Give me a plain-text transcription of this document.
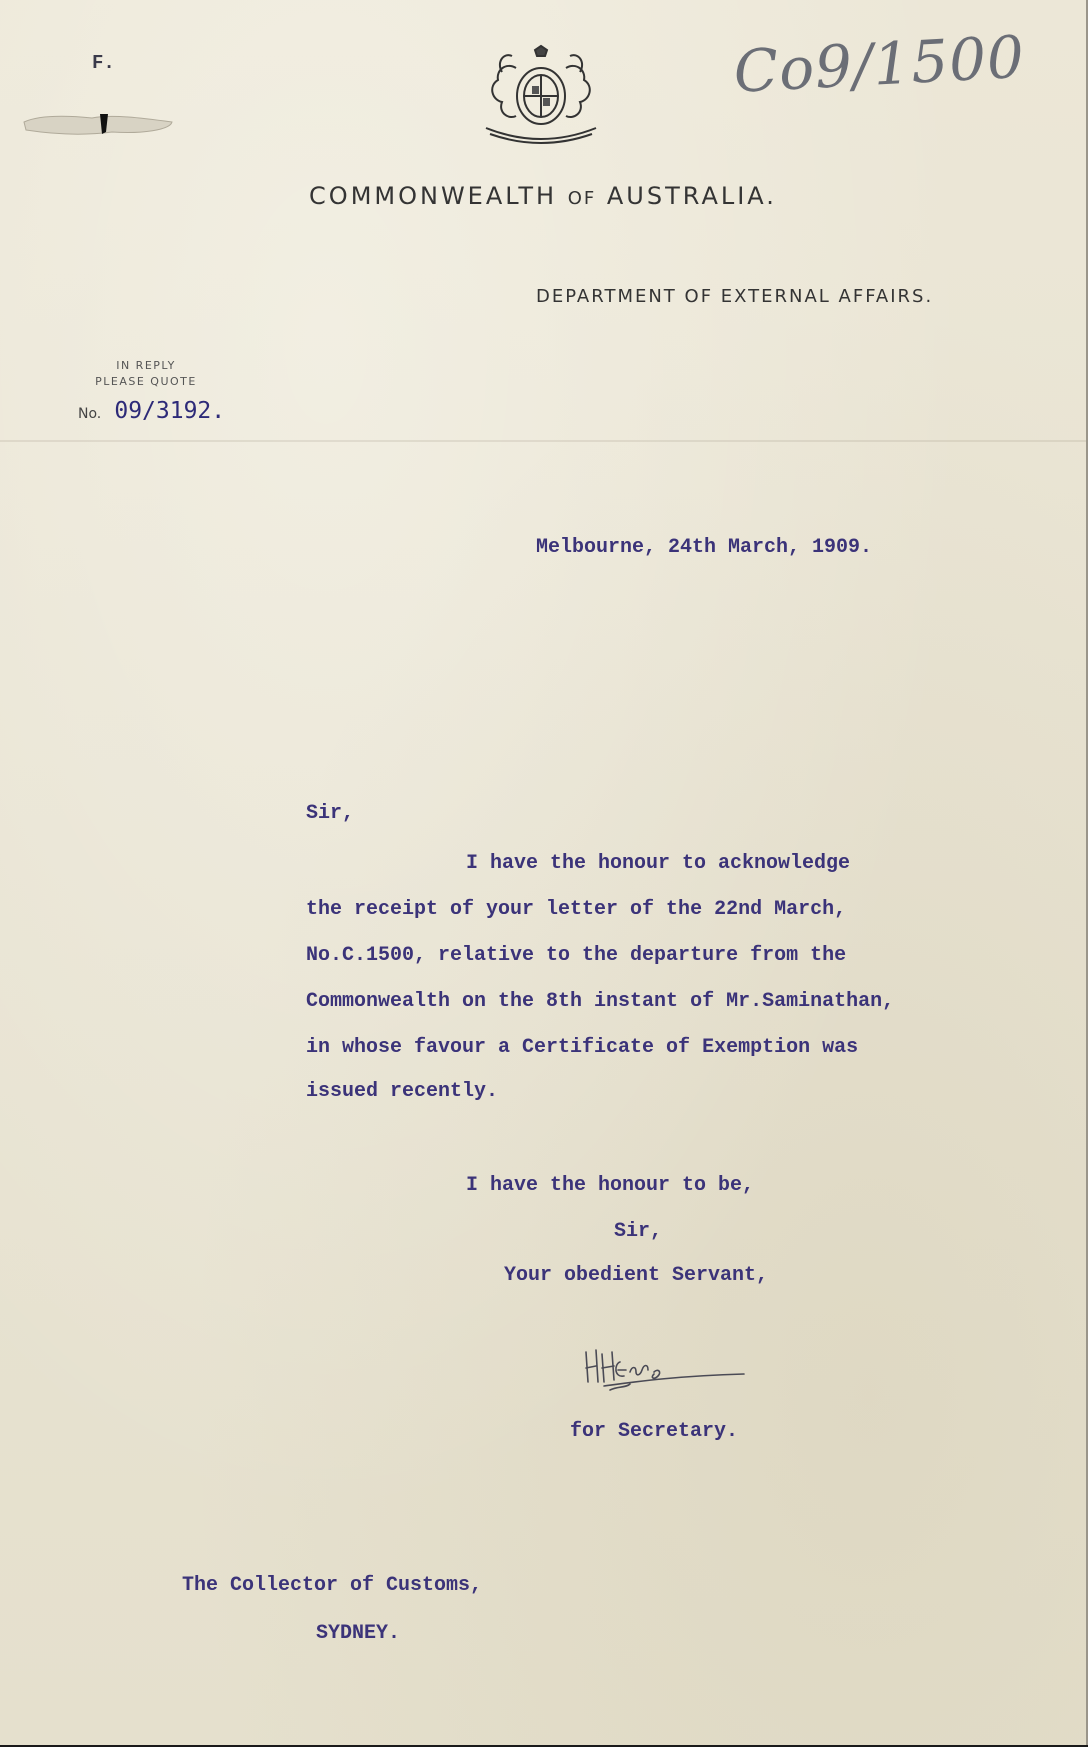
F.	Co9/1500
COMMONWEALTH OF AUSTRALIA.
DEPARTMENT OF EXTERNAL AFFAIRS.
IN REPLY
PLEASE QUOTE
No. 09/3192.
Melbourne, 24th March, 1909.
Sir,
I have the honour to acknowledge
the receipt of your letter of the 22nd March,
No.C.1500, relative to the departure from the
Commonwealth on the 8th instant of Mr.Saminathan,
in whose favour a Certificate of Exemption was
issued recently.
I have the honour to be,
Sir,
Your obedient Servant,
for Secretary.
The Collector of Customs,
SYDNEY.
